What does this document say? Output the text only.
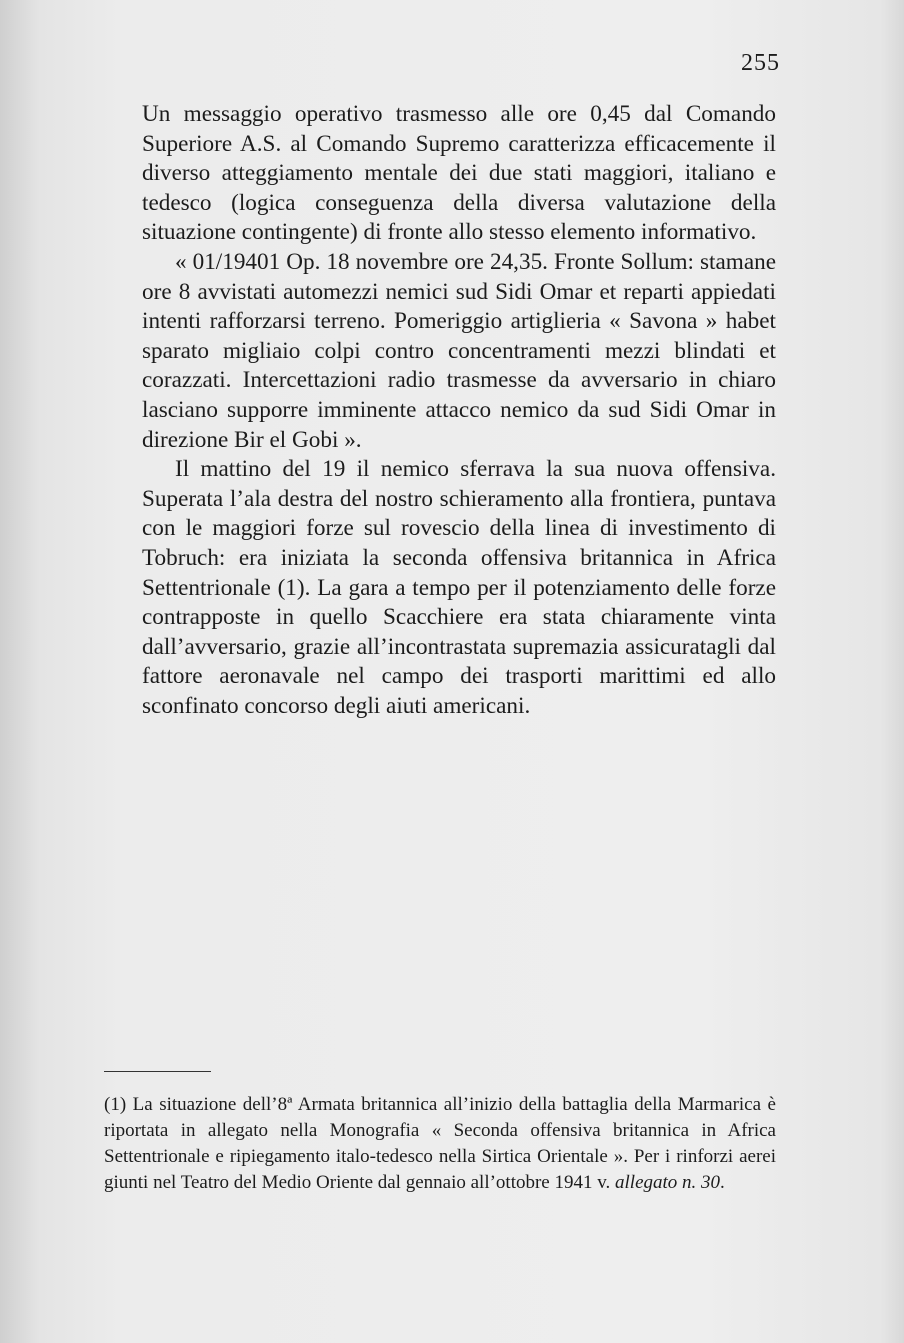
255

Un messaggio operativo trasmesso alle ore 0,45 dal Comando Superiore A.S. al Comando Supremo caratterizza efficacemente il diverso atteggiamento mentale dei due stati maggiori, italiano e tedesco (logica conseguenza della diversa valutazione della situazione contingente) di fronte allo stesso elemento informativo.

« 01/19401 Op. 18 novembre ore 24,35. Fronte Sollum: stamane ore 8 avvistati automezzi nemici sud Sidi Omar et reparti appiedati intenti rafforzarsi terreno. Pomeriggio artiglieria « Savona » habet sparato migliaio colpi contro concentramenti mezzi blindati et corazzati. Intercettazioni radio trasmesse da avversario in chiaro lasciano supporre imminente attacco nemico da sud Sidi Omar in direzione Bir el Gobi ».

Il mattino del 19 il nemico sferrava la sua nuova offensiva. Superata l’ala destra del nostro schieramento alla frontiera, puntava con le maggiori forze sul rovescio della linea di investimento di Tobruch: era iniziata la seconda offensiva britannica in Africa Settentrionale (1). La gara a tempo per il potenziamento delle forze contrapposte in quello Scacchiere era stata chiaramente vinta dall’avversario, grazie all’incontrastata supremazia assicuratagli dal fattore aeronavale nel campo dei trasporti marittimi ed allo sconfinato concorso degli aiuti americani.

(1) La situazione dell’8ª Armata britannica all’inizio della battaglia della Marmarica è riportata in allegato nella Monografia « Seconda offensiva britannica in Africa Settentrionale e ripiegamento italo-tedesco nella Sirtica Orientale ». Per i rinforzi aerei giunti nel Teatro del Medio Oriente dal gennaio all’ottobre 1941 v. allegato n. 30.
